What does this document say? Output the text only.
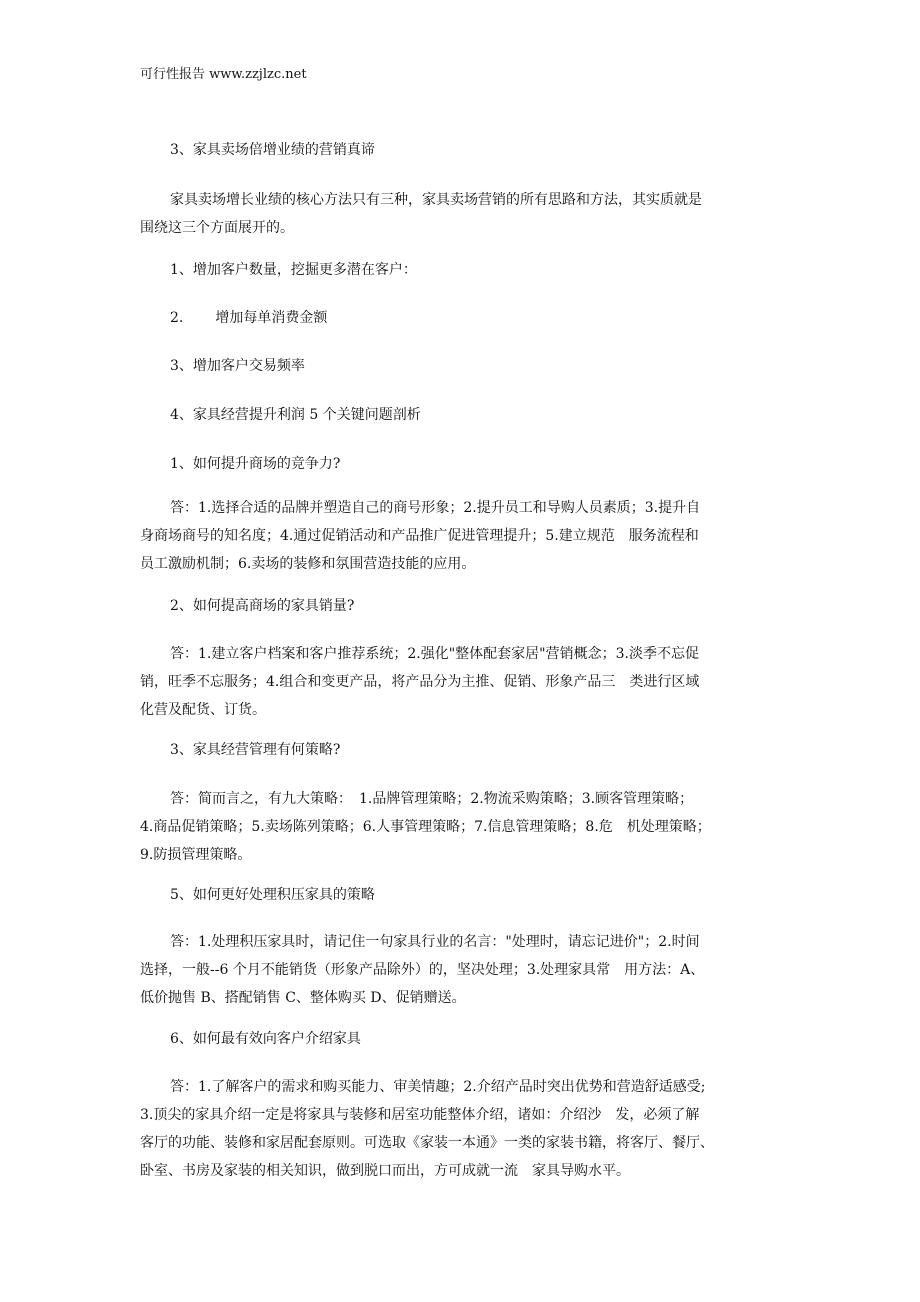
可行性报告 www.zzjlzc.net
3、家具卖场倍增业绩的营销真谛
家具卖场增长业绩的核心方法只有三种，家具卖场营销的所有思路和方法，其实质就是
围绕这三个方面展开的。
1、增加客户数量，挖掘更多潜在客户：
2. 增加每单消费金额
3、增加客户交易频率
4、家具经营提升利润 5 个关键问题剖析
1、如何提升商场的竞争力?
答：1.选择合适的品牌并塑造自己的商号形象；2.提升员工和导购人员素质；3.提升自
身商场商号的知名度；4.通过促销活动和产品推广促进管理提升；5.建立规范　服务流程和
员工激励机制；6.卖场的装修和氛围营造技能的应用。
2、如何提高商场的家具销量?
答：1.建立客户档案和客户推荐系统；2.强化"整体配套家居"营销概念；3.淡季不忘促
销，旺季不忘服务；4.组合和变更产品，将产品分为主推、促销、形象产品三　类进行区域
化营及配货、订货。
3、家具经营管理有何策略?
答：简而言之，有九大策略：　1.品牌管理策略；2.物流采购策略；3.顾客管理策略；
4.商品促销策略；5.卖场陈列策略；6.人事管理策略；7.信息管理策略；8.危　机处理策略；
9.防损管理策略。
5、如何更好处理积压家具的策略
答：1.处理积压家具时，请记住一句家具行业的名言："处理时，请忘记进价"；2.时间
选择，一般--6 个月不能销货（形象产品除外）的，坚决处理；3.处理家具常　用方法：A、
低价抛售 B、搭配销售 C、整体购买 D、促销赠送。
6、如何最有效向客户介绍家具
答：1.了解客户的需求和购买能力、审美情趣；2.介绍产品时突出优势和营造舒适感受;
3.顶尖的家具介绍一定是将家具与装修和居室功能整体介绍，诸如：介绍沙　发，必须了解
客厅的功能、装修和家居配套原则。可选取《家装一本通》一类的家装书籍，将客厅、餐厅、
卧室、书房及家装的相关知识，做到脱口而出，方可成就一流　家具导购水平。
